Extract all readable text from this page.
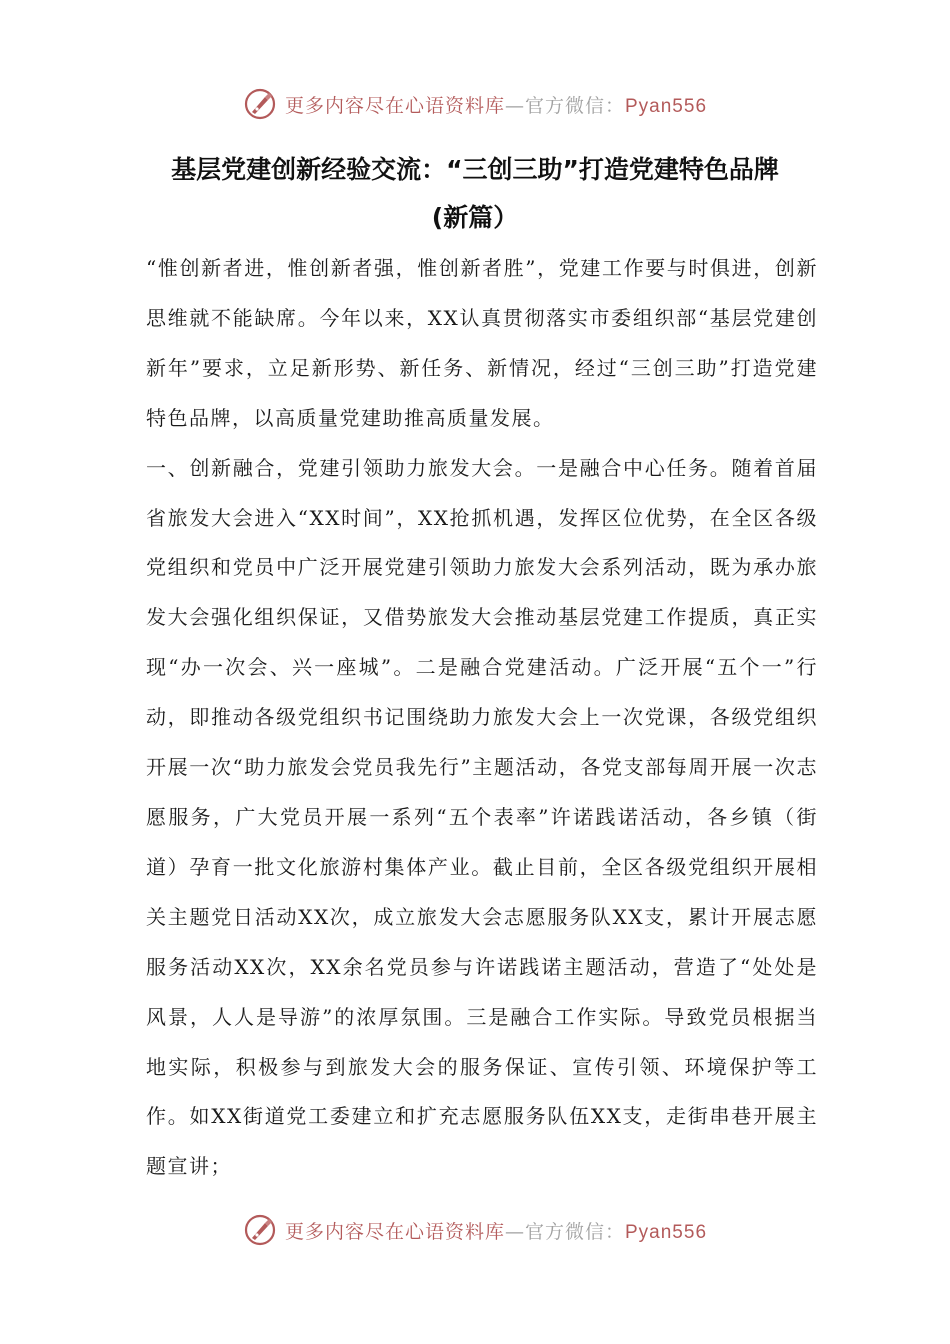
更多内容尽在心语资料库—官方微信：Pyan556
基层党建创新经验交流：“三创三助”打造党建特色品牌
(新篇）

“惟创新者进，惟创新者强，惟创新者胜”，党建工作要与时俱进，创新思维就不能缺席。今年以来，XX认真贯彻落实市委组织部“基层党建创新年”要求，立足新形势、新任务、新情况，经过“三创三助”打造党建特色品牌，以高质量党建助推高质量发展。

一、创新融合，党建引领助力旅发大会。一是融合中心任务。随着首届省旅发大会进入“XX时间”，XX抢抓机遇，发挥区位优势，在全区各级党组织和党员中广泛开展党建引领助力旅发大会系列活动，既为承办旅发大会强化组织保证，又借势旅发大会推动基层党建工作提质，真正实现“办一次会、兴一座城”。二是融合党建活动。广泛开展“五个一”行动，即推动各级党组织书记围绕助力旅发大会上一次党课，各级党组织开展一次“助力旅发会党员我先行”主题活动，各党支部每周开展一次志愿服务，广大党员开展一系列“五个表率”许诺践诺活动，各乡镇（街道）孕育一批文化旅游村集体产业。截止目前，全区各级党组织开展相关主题党日活动XX次，成立旅发大会志愿服务队XX支，累计开展志愿服务活动XX次，XX余名党员参与许诺践诺主题活动，营造了“处处是风景，人人是导游”的浓厚氛围。三是融合工作实际。导致党员根据当地实际，积极参与到旅发大会的服务保证、宣传引领、环境保护等工作。如XX街道党工委建立和扩充志愿服务队伍XX支，走街串巷开展主题宣讲；

更多内容尽在心语资料库—官方微信：Pyan556
